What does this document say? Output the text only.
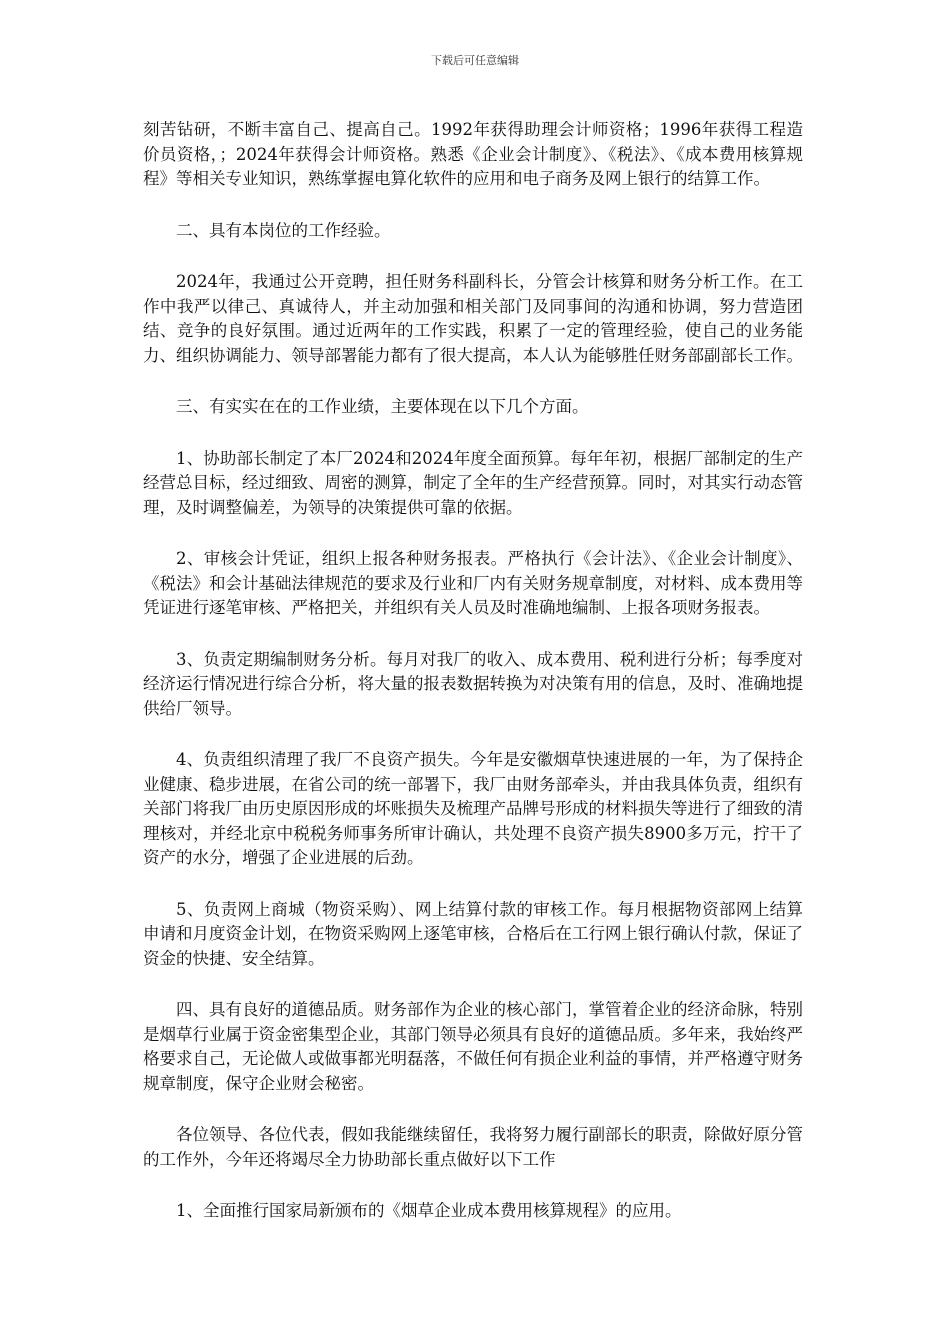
下载后可任意编辑

刻苦钻研，不断丰富自己、提高自己。1992年获得助理会计师资格；1996年获得工程造价员资格，；2024年获得会计师资格。熟悉《企业会计制度》、《税法》、《成本费用核算规程》等相关专业知识，熟练掌握电算化软件的应用和电子商务及网上银行的结算工作。

二、具有本岗位的工作经验。

2024年，我通过公开竞聘，担任财务科副科长，分管会计核算和财务分析工作。在工作中我严以律己、真诚待人，并主动加强和相关部门及同事间的沟通和协调，努力营造团结、竞争的良好氛围。通过近两年的工作实践，积累了一定的管理经验，使自己的业务能力、组织协调能力、领导部署能力都有了很大提高，本人认为能够胜任财务部副部长工作。

三、有实实在在的工作业绩，主要体现在以下几个方面。

1、协助部长制定了本厂2024和2024年度全面预算。每年年初，根据厂部制定的生产经营总目标，经过细致、周密的测算，制定了全年的生产经营预算。同时，对其实行动态管理，及时调整偏差，为领导的决策提供可靠的依据。

2、审核会计凭证，组织上报各种财务报表。严格执行《会计法》、《企业会计制度》、《税法》和会计基础法律规范的要求及行业和厂内有关财务规章制度，对材料、成本费用等凭证进行逐笔审核、严格把关，并组织有关人员及时准确地编制、上报各项财务报表。

3、负责定期编制财务分析。每月对我厂的收入、成本费用、税利进行分析；每季度对经济运行情况进行综合分析，将大量的报表数据转换为对决策有用的信息，及时、准确地提供给厂领导。

4、负责组织清理了我厂不良资产损失。今年是安徽烟草快速进展的一年，为了保持企业健康、稳步进展，在省公司的统一部署下，我厂由财务部牵头，并由我具体负责，组织有关部门将我厂由历史原因形成的坏账损失及梳理产品牌号形成的材料损失等进行了细致的清理核对，并经北京中税税务师事务所审计确认，共处理不良资产损失8900多万元，拧干了资产的水分，增强了企业进展的后劲。

5、负责网上商城（物资采购）、网上结算付款的审核工作。每月根据物资部网上结算申请和月度资金计划，在物资采购网上逐笔审核，合格后在工行网上银行确认付款，保证了资金的快捷、安全结算。

四、具有良好的道德品质。财务部作为企业的核心部门，掌管着企业的经济命脉，特别是烟草行业属于资金密集型企业，其部门领导必须具有良好的道德品质。多年来，我始终严格要求自己，无论做人或做事都光明磊落，不做任何有损企业利益的事情，并严格遵守财务规章制度，保守企业财会秘密。

各位领导、各位代表，假如我能继续留任，我将努力履行副部长的职责，除做好原分管的工作外，今年还将竭尽全力协助部长重点做好以下工作

1、全面推行国家局新颁布的《烟草企业成本费用核算规程》的应用。
